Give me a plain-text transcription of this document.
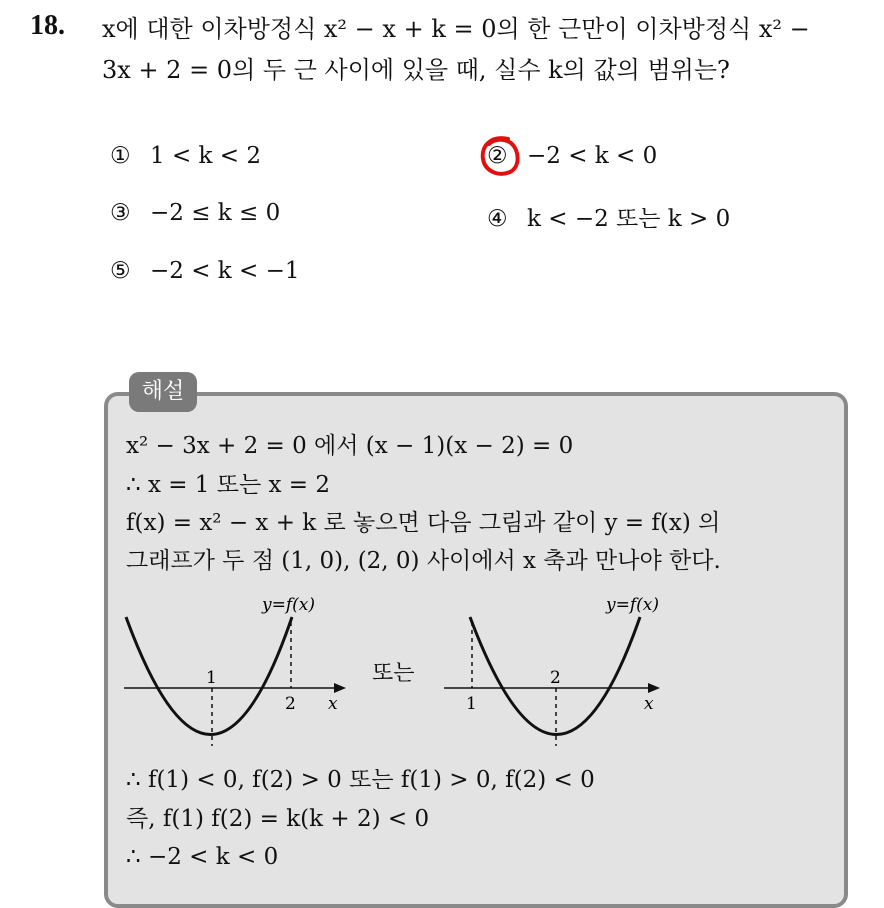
18. x에 대한 이차방정식 x² − x + k = 0의 한 근만이 이차방정식 x² −
3x + 2 = 0의 두 근 사이에 있을 때, 실수 k의 값의 범위는?
① 1 < k < 2	② −2 < k < 0
③ −2 ≤ k ≤ 0	④ k < −2 또는 k > 0
⑤ −2 < k < −1
해설
x² − 3x + 2 = 0 에서 (x − 1)(x − 2) = 0
∴ x = 1 또는 x = 2
f(x) = x² − x + k 로 놓으면 다음 그림과 같이 y = f(x) 의
그래프가 두 점 (1, 0), (2, 0) 사이에서 x 축과 만나야 한다.
1
2 x
y=f(x)
또는	2
1	x
y=f(x)
∴ f(1) < 0, f(2) > 0 또는 f(1) > 0, f(2) < 0
즉, f(1) f(2) = k(k + 2) < 0
∴ −2 < k < 0
